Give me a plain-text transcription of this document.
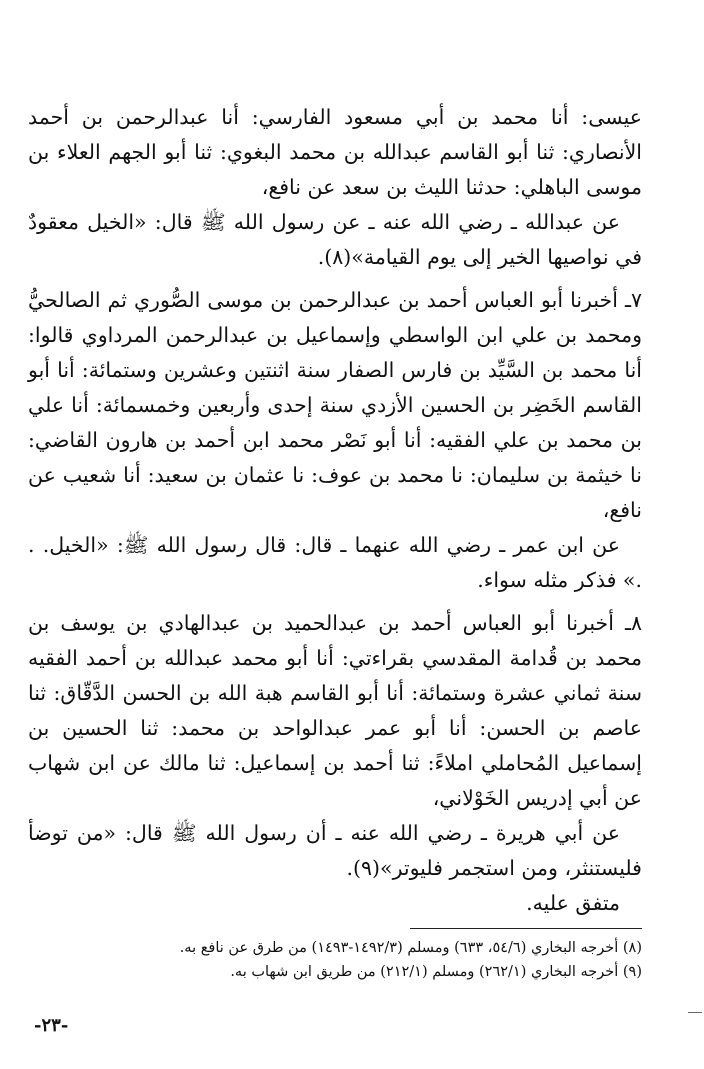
عيسى: أنا محمد بن أبي مسعود الفارسي: أنا عبدالرحمن بن أحمد الأنصاري: ثنا أبو القاسم عبدالله بن محمد البغوي: ثنا أبو الجهم العلاء بن موسى الباهلي: حدثنا الليث بن سعد عن نافع،

عن عبدالله ـ رضي الله عنه ـ عن رسول الله ﷺ قال: «الخيل معقودٌ في نواصيها الخير إلى يوم القيامة»(٨).

٧ـ أخبرنا أبو العباس أحمد بن عبدالرحمن بن موسى الصُّوري ثم الصالحيُّ ومحمد بن علي ابن الواسطي وإسماعيل بن عبدالرحمن المرداوي قالوا: أنا محمد بن السَّيِّد بن فارس الصفار سنة اثنتين وعشرين وستمائة: أنا أبو القاسم الخَضِر بن الحسين الأزدي سنة إحدى وأربعين وخمسمائة: أنا علي بن محمد بن علي الفقيه: أنا أبو نَصْر محمد ابن أحمد بن هارون القاضي: نا خيثمة بن سليمان: نا محمد بن عوف: نا عثمان بن سعيد: أنا شعيب عن نافع،

عن ابن عمر ـ رضي الله عنهما ـ قال: قال رسول الله ﷺ: «الخيل. . .» فذكر مثله سواء.

٨ـ أخبرنا أبو العباس أحمد بن عبدالحميد بن عبدالهادي بن يوسف بن محمد بن قُدامة المقدسي بقراءتي: أنا أبو محمد عبدالله بن أحمد الفقيه سنة ثماني عشرة وستمائة: أنا أبو القاسم هبة الله بن الحسن الدَّقّاق: ثنا عاصم بن الحسن: أنا أبو عمر عبدالواحد بن محمد: ثنا الحسين بن إسماعيل المُحاملي املاءً: ثنا أحمد بن إسماعيل: ثنا مالك عن ابن شهاب عن أبي إدريس الخَوْلاني،

عن أبي هريرة ـ رضي الله عنه ـ أن رسول الله ﷺ قال: «من توضأ فليستنثر، ومن استجمر فليوتر»(٩).

متفق عليه.

(٨) أخرجه البخاري (٥٤/٦، ٦٣٣) ومسلم (١٤٩٢/٣-١٤٩٣) من طرق عن نافع به.

(٩) أخرجه البخاري (٢٦٢/١) ومسلم (٢١٢/١) من طريق ابن شهاب به.

-٢٣-
